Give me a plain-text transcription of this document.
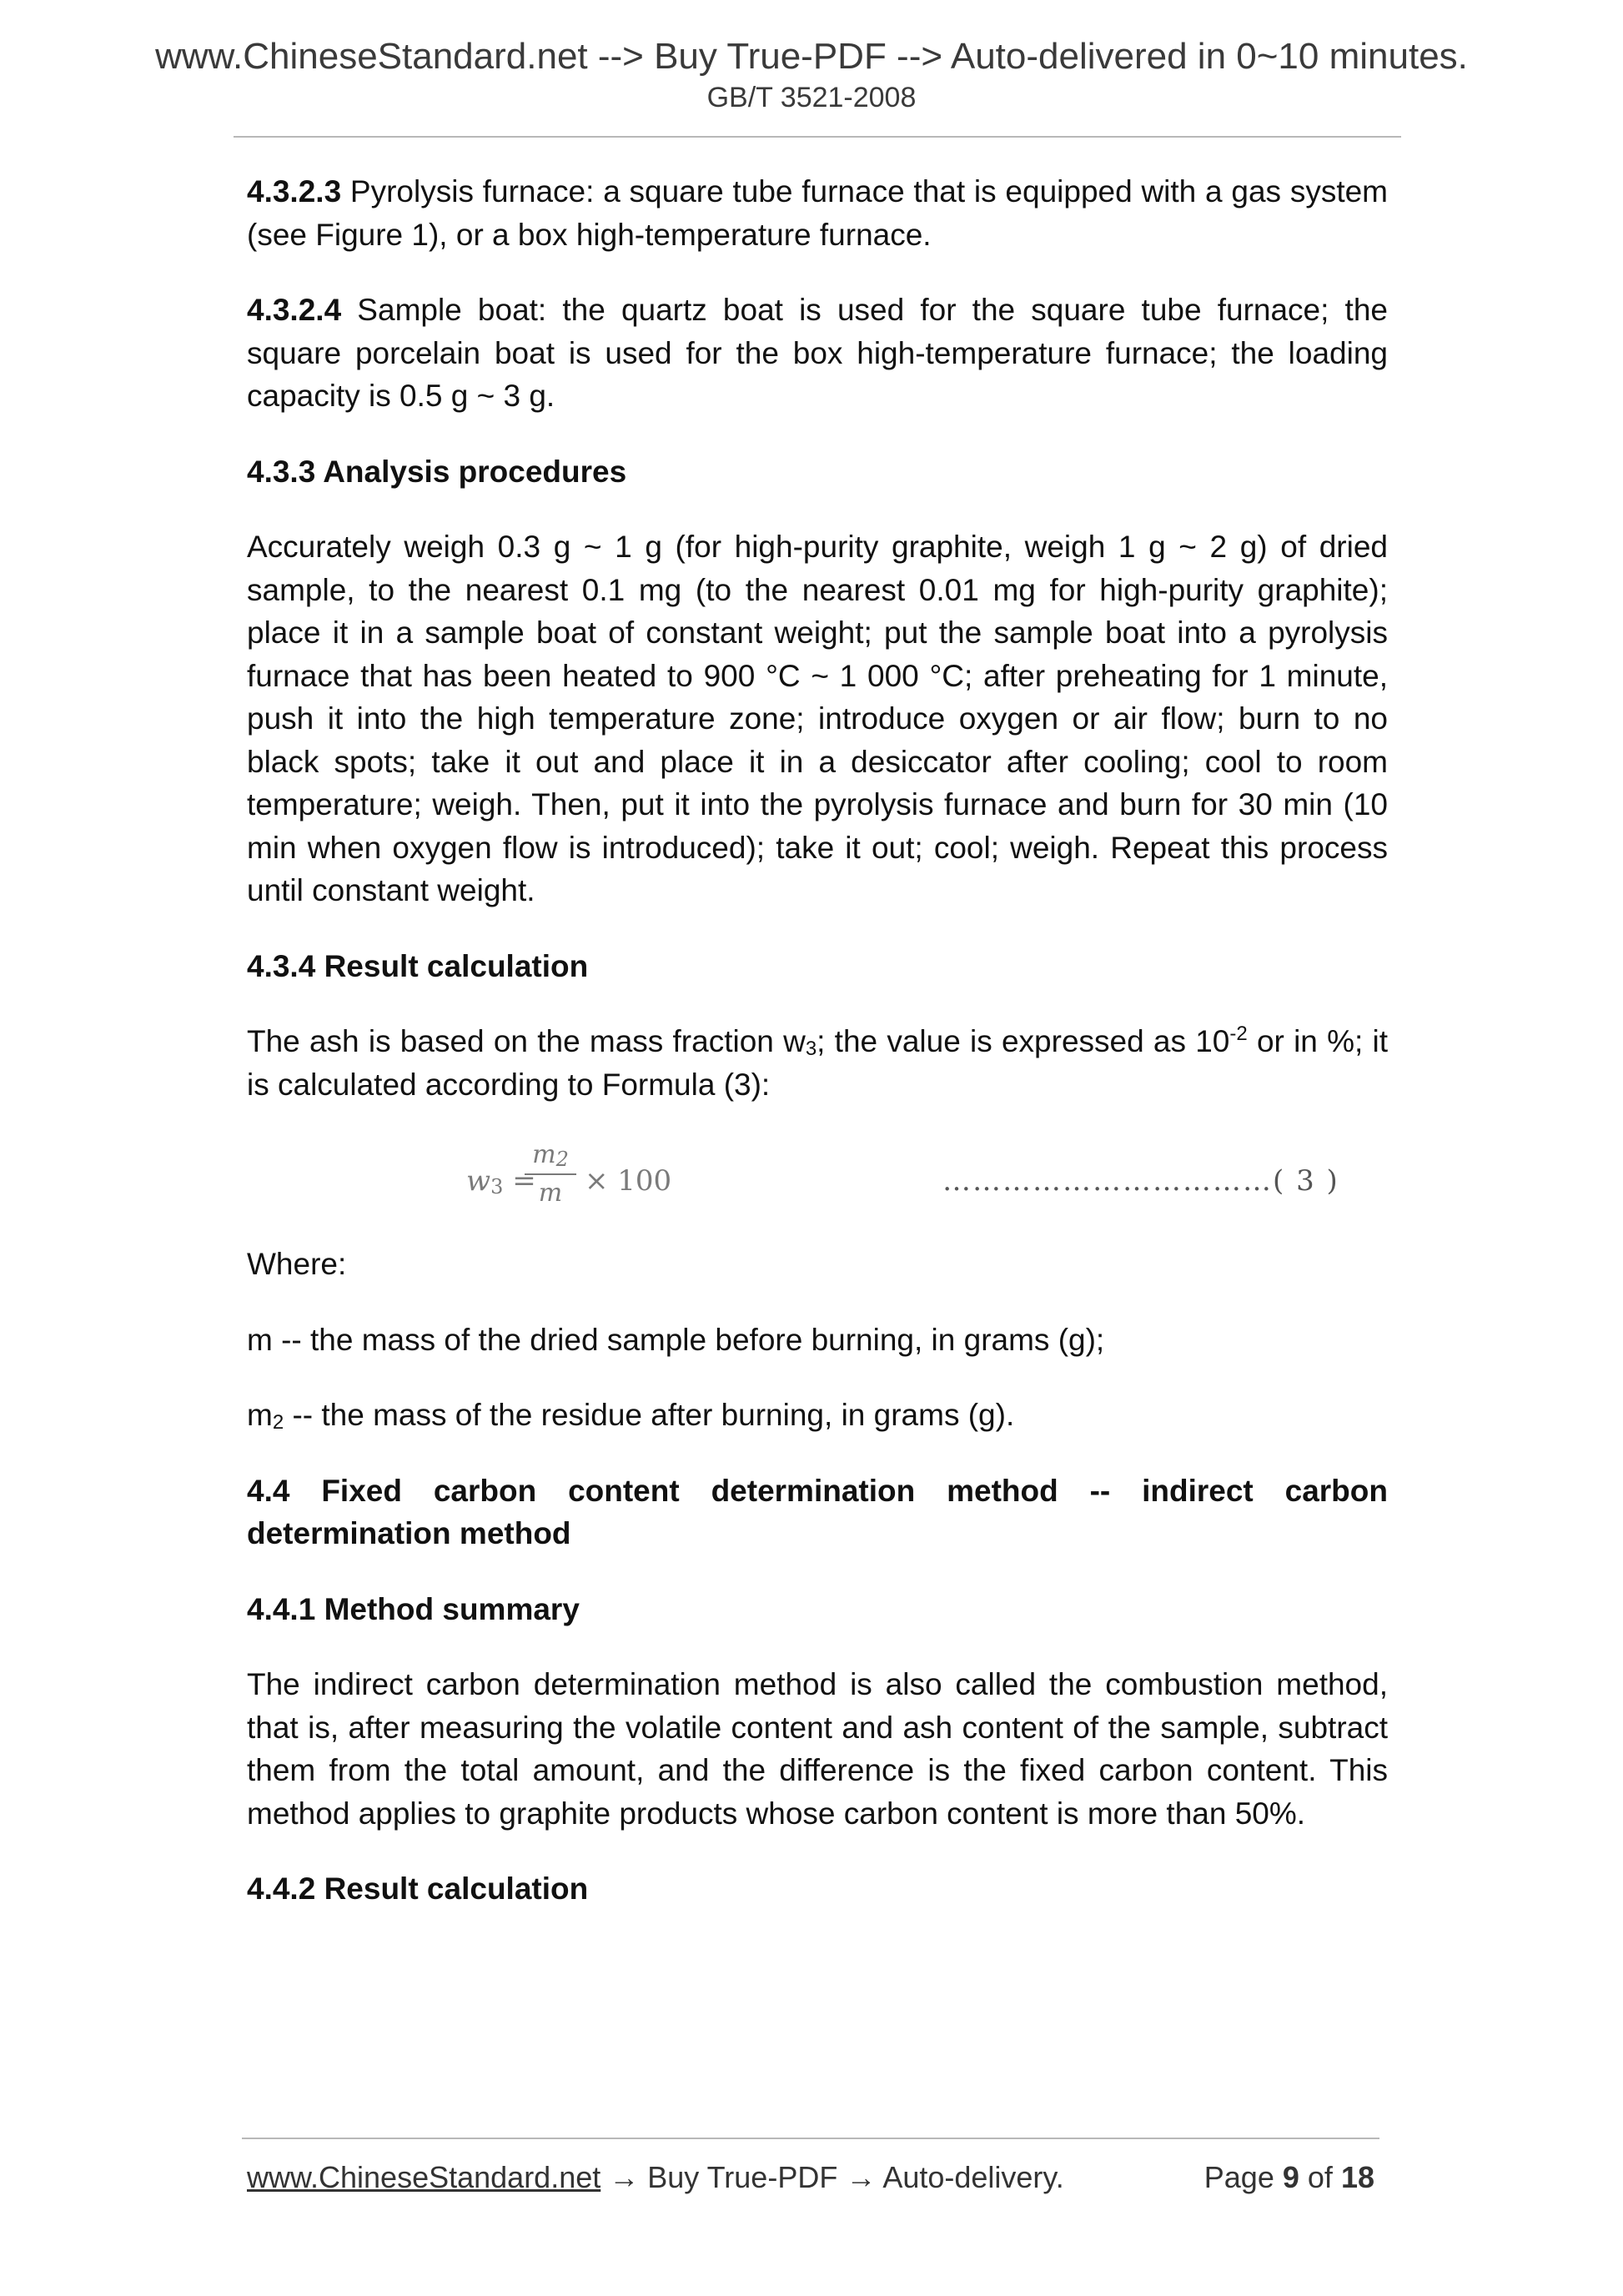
www.ChineseStandard.net --> Buy True-PDF --> Auto-delivered in 0~10 minutes.
GB/T 3521-2008

4.3.2.3 Pyrolysis furnace: a square tube furnace that is equipped with a gas system (see Figure 1), or a box high-temperature furnace.

4.3.2.4 Sample boat: the quartz boat is used for the square tube furnace; the square porcelain boat is used for the box high-temperature furnace; the loading capacity is 0.5 g ~ 3 g.

4.3.3 Analysis procedures

Accurately weigh 0.3 g ~ 1 g (for high-purity graphite, weigh 1 g ~ 2 g) of dried sample, to the nearest 0.1 mg (to the nearest 0.01 mg for high-purity graphite); place it in a sample boat of constant weight; put the sample boat into a pyrolysis furnace that has been heated to 900 °C ~ 1 000 °C; after preheating for 1 minute, push it into the high temperature zone; introduce oxygen or air flow; burn to no black spots; take it out and place it in a desiccator after cooling; cool to room temperature; weigh. Then, put it into the pyrolysis furnace and burn for 30 min (10 min when oxygen flow is introduced); take it out; cool; weigh. Repeat this process until constant weight.

4.3.4 Result calculation

The ash is based on the mass fraction $w_3$; the value is expressed as $10^{-2}$ or in %; it is calculated according to Formula (3):

$w_3$ =
$m_2$
m × 100	……………………………( 3 )

Where:

m -- the mass of the dried sample before burning, in grams (g);

$m_2$ -- the mass of the residue after burning, in grams (g).

4.4 Fixed carbon content determination method -- indirect carbon determination method

4.4.1 Method summary

The indirect carbon determination method is also called the combustion method, that is, after measuring the volatile content and ash content of the sample, subtract them from the total amount, and the difference is the fixed carbon content. This method applies to graphite products whose carbon content is more than 50%.

4.4.2 Result calculation

www.ChineseStandard.net → Buy True-PDF → Auto-delivery.	Page 9 of 18
